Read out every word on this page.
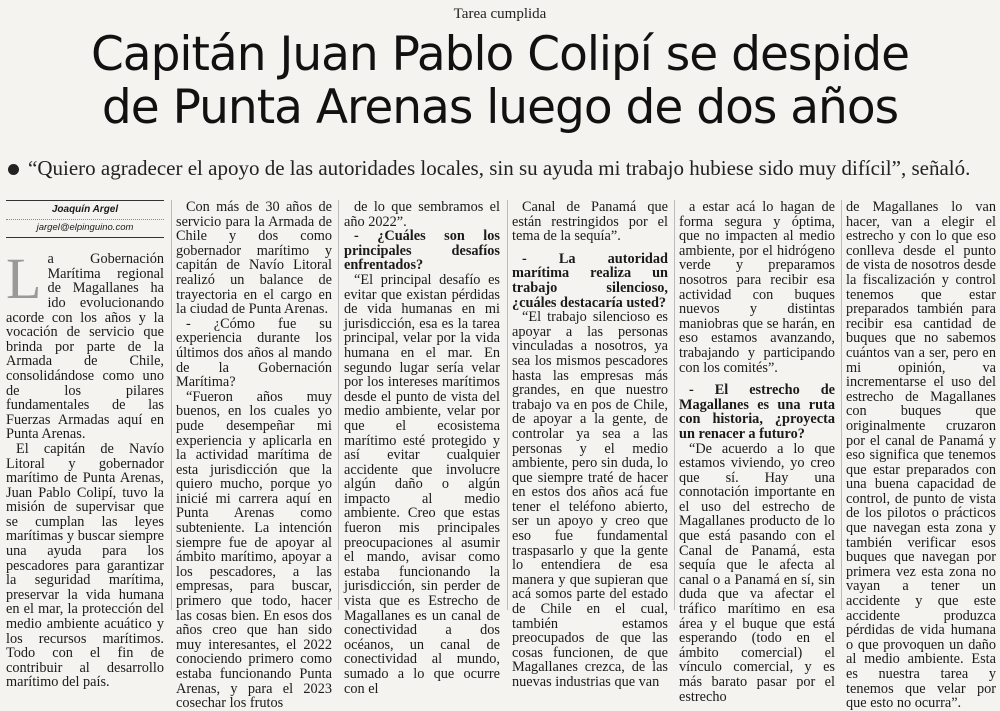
Tarea cumplida
Capitán Juan Pablo Colipí se despide
de Punta Arenas luego de dos años
“Quiero agradecer el apoyo de las autoridades locales, sin su ayuda mi trabajo hubiese sido muy difícil”, señaló.
Joaquín Argel
jargel@elpinguino.com
L a Gobernación Marítima regional de Magallanes ha ido evolucionando acorde con los años y la vocación de servicio que brinda por parte de la Armada de Chile, consolidándose como uno de los pilares fundamentales de las Fuerzas Armadas aquí en Punta Arenas.

El capitán de Navío Litoral y gobernador marítimo de Punta Arenas, Juan Pablo Colipí, tuvo la misión de supervisar que se cumplan las leyes marítimas y buscar siempre una ayuda para los pescadores para garantizar la seguridad marítima, preservar la vida humana en el mar, la protección del medio ambiente acuático y los recursos marítimos. Todo con el fin de contribuir al desarrollo marítimo del país.

Con más de 30 años de servicio para la Armada de Chile y dos como gobernador marítimo y capitán de Navío Litoral realizó un balance de trayectoria en el cargo en la ciudad de Punta Arenas.

- ¿Cómo fue su experiencia durante los últimos dos años al mando de la Gobernación Marítima?

“Fueron años muy buenos, en los cuales yo pude desempeñar mi experiencia y aplicarla en la actividad marítima de esta jurisdicción que la quiero mucho, porque yo inicié mi carrera aquí en Punta Arenas como subteniente. La intención siempre fue de apoyar al ámbito marítimo, apoyar a los pescadores, a las empresas, para buscar, primero que todo, hacer las cosas bien. En esos dos años creo que han sido muy interesantes, el 2022 conociendo primero como estaba funcionando Punta Arenas, y para el 2023 cosechar los frutos

de lo que sembramos el año 2022”.

- ¿Cuáles son los principales desafíos enfrentados?

“El principal desafío es evitar que existan pérdidas de vida humanas en mi jurisdicción, esa es la tarea principal, velar por la vida humana en el mar. En segundo lugar sería velar por los intereses marítimos desde el punto de vista del medio ambiente, velar por que el ecosistema marítimo esté protegido y así evitar cualquier accidente que involucre algún daño o algún impacto al medio ambiente. Creo que estas fueron mis principales preocupaciones al asumir el mando, avisar como estaba funcionando la jurisdicción, sin perder de vista que es Estrecho de Magallanes es un canal de conectividad a dos océanos, un canal de conectividad al mundo, sumado a lo que ocurre con el

Canal de Panamá que están restringidos por el tema de la sequía”.

- La autoridad marítima realiza un trabajo silencioso, ¿cuáles destacaría usted?

“El trabajo silencioso es apoyar a las personas vinculadas a nosotros, ya sea los mismos pescadores hasta las empresas más grandes, en que nuestro trabajo va en pos de Chile, de apoyar a la gente, de controlar ya sea a las personas y el medio ambiente, pero sin duda, lo que siempre traté de hacer en estos dos años acá fue tener el teléfono abierto, ser un apoyo y creo que eso fue fundamental traspasarlo y que la gente lo entendiera de esa manera y que supieran que acá somos parte del estado de Chile en el cual, también estamos preocupados de que las cosas funcionen, de que Magallanes crezca, de las nuevas industrias que van

a estar acá lo hagan de forma segura y óptima, que no impacten al medio ambiente, por el hidrógeno verde y preparamos nosotros para recibir esa actividad con buques nuevos y distintas maniobras que se harán, en eso estamos avanzando, trabajando y participando con los comités”.

- El estrecho de Magallanes es una ruta con historia, ¿proyecta un renacer a futuro?

“De acuerdo a lo que estamos viviendo, yo creo que sí. Hay una connotación importante en el uso del estrecho de Magallanes producto de lo que está pasando con el Canal de Panamá, esta sequía que le afecta al canal o a Panamá en sí, sin duda que va afectar el tráfico marítimo en esa área y el buque que está esperando (todo en el ámbito comercial) el vínculo comercial, y es más barato pasar por el estrecho

de Magallanes lo van hacer, van a elegir el estrecho y con lo que eso conlleva desde el punto de vista de nosotros desde la fiscalización y control tenemos que estar preparados también para recibir esa cantidad de buques que no sabemos cuántos van a ser, pero en mi opinión, va incrementarse el uso del estrecho de Magallanes con buques que originalmente cruzaron por el canal de Panamá y eso significa que tenemos que estar preparados con una buena capacidad de control, de punto de vista de los pilotos o prácticos que navegan esta zona y también verificar esos buques que navegan por primera vez esta zona no vayan a tener un accidente y que este accidente produzca pérdidas de vida humana o que provoquen un daño al medio ambiente. Esta es nuestra tarea y tenemos que velar por que esto no ocurra”.
